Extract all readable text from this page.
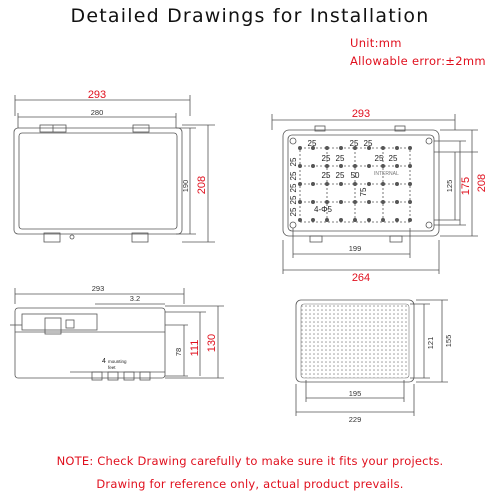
Detailed Drawings for Installation
Unit:mm
Allowable error:±2mm
293
280
190 208
293
199
264
125 175 208
25	25 25
25 25	25 25
25 25 50
25
25
25
25
25
75
4-Φ5
INTERNAL
293
3.2
78 111 130
4 mounting
feet
195
229
121 155
NOTE: Check Drawing carefully to make sure it fits your projects.
Drawing for reference only, actual product prevails.
